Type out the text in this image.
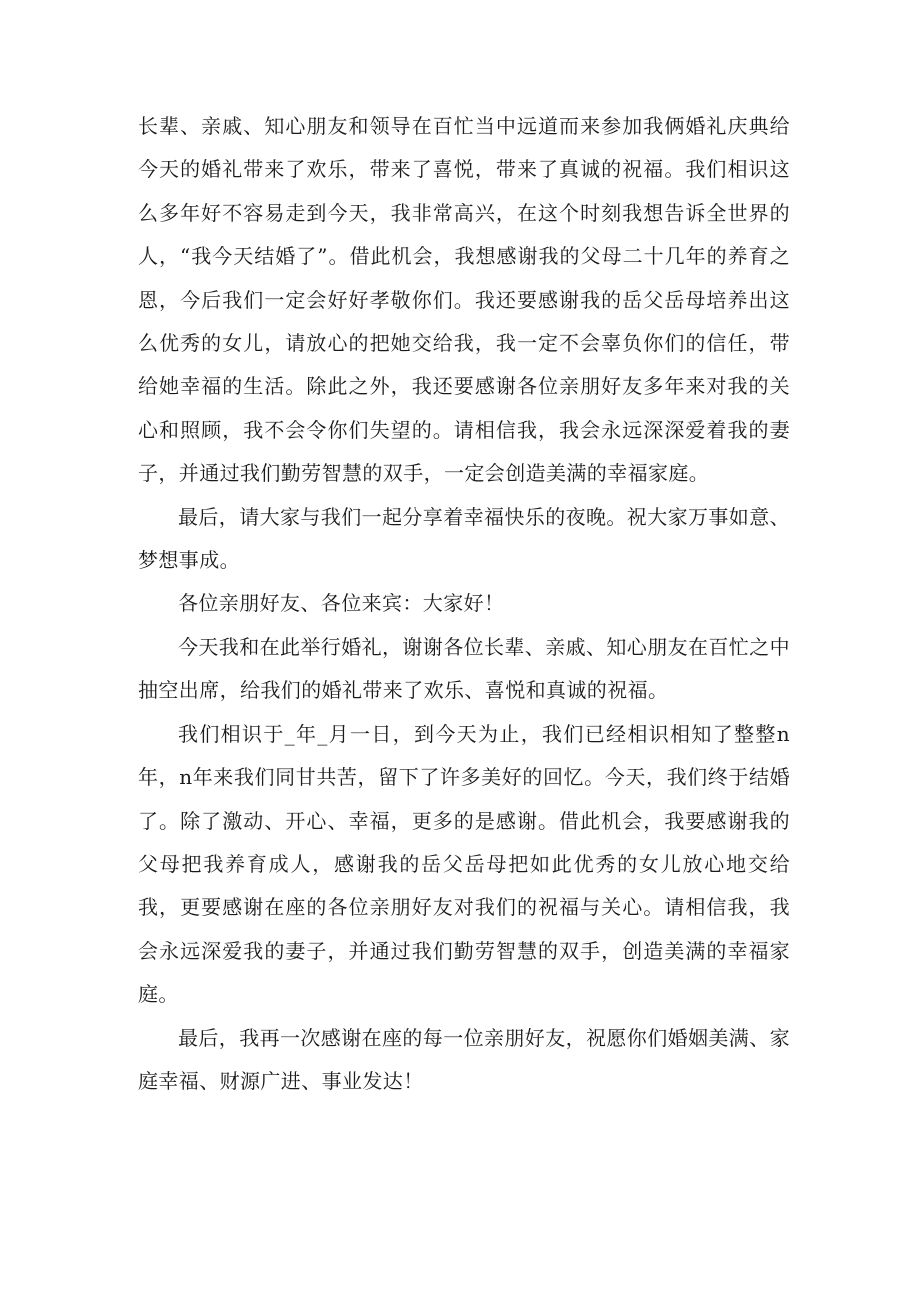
长辈、亲戚、知心朋友和领导在百忙当中远道而来参加我俩婚礼庆典给今天的婚礼带来了欢乐，带来了喜悦，带来了真诚的祝福。我们相识这么多年好不容易走到今天，我非常高兴，在这个时刻我想告诉全世界的人，“我今天结婚了”。借此机会，我想感谢我的父母二十几年的养育之恩，今后我们一定会好好孝敬你们。我还要感谢我的岳父岳母培养出这么优秀的女儿，请放心的把她交给我，我一定不会辜负你们的信任，带给她幸福的生活。除此之外，我还要感谢各位亲朋好友多年来对我的关心和照顾，我不会令你们失望的。请相信我，我会永远深深爱着我的妻子，并通过我们勤劳智慧的双手，一定会创造美满的幸福家庭。

最后，请大家与我们一起分享着幸福快乐的夜晚。祝大家万事如意、梦想事成。

各位亲朋好友、各位来宾：大家好！

今天我和在此举行婚礼，谢谢各位长辈、亲戚、知心朋友在百忙之中抽空出席，给我们的婚礼带来了欢乐、喜悦和真诚的祝福。

我们相识于_年_月一日，到今天为止，我们已经相识相知了整整n年，n年来我们同甘共苦，留下了许多美好的回忆。今天，我们终于结婚了。除了激动、开心、幸福，更多的是感谢。借此机会，我要感谢我的父母把我养育成人，感谢我的岳父岳母把如此优秀的女儿放心地交给我，更要感谢在座的各位亲朋好友对我们的祝福与关心。请相信我，我会永远深爱我的妻子，并通过我们勤劳智慧的双手，创造美满的幸福家庭。

最后，我再一次感谢在座的每一位亲朋好友，祝愿你们婚姻美满、家庭幸福、财源广进、事业发达！
